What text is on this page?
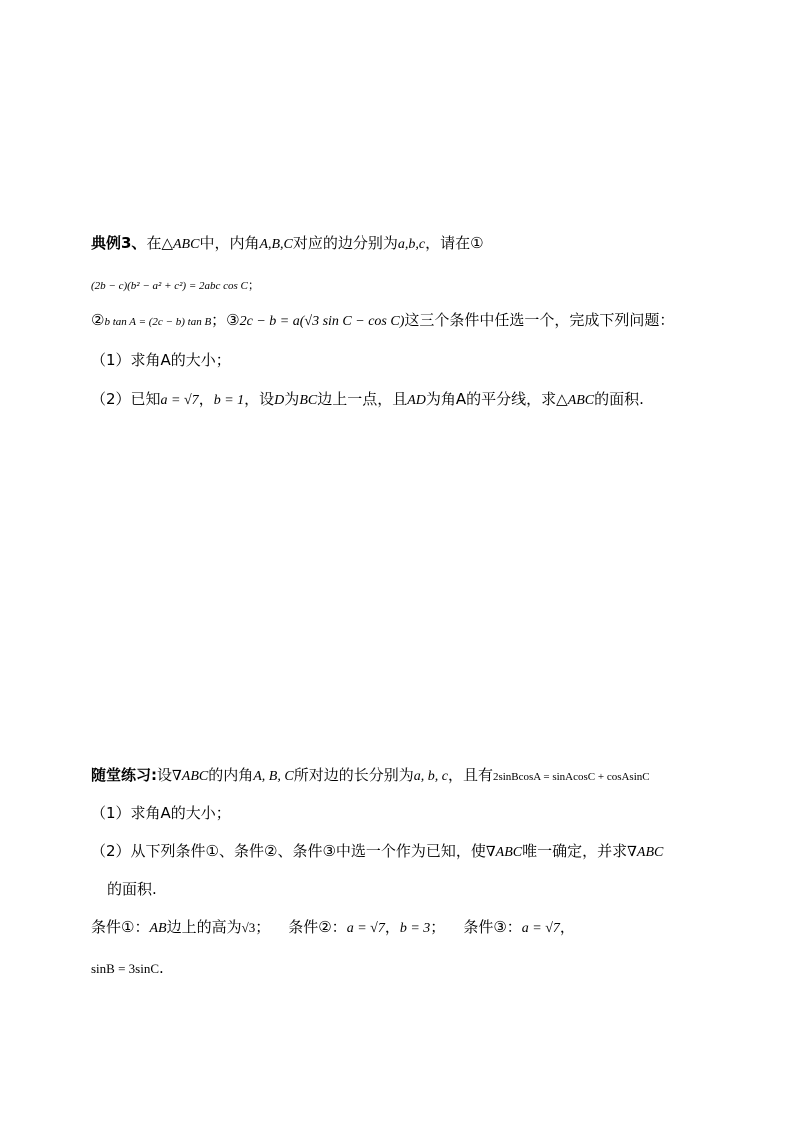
典例3、在△ABC中，内角A,B,C对应的边分别为a,b,c，请在①
(2b − c)(b² − a² + c²) = 2abc cos C；
②b tan A = (2c − b) tan B；③2c − b = a(√3 sin C − cos C)这三个条件中任选一个，完成下列问题：
（1）求角A的大小；
（2）已知a = √7，b = 1，设D为BC边上一点，且AD为角A的平分线，求△ABC的面积.
随堂练习:设∇ABC的内角A, B, C所对边的长分别为a, b, c，且有2sinBcosA = sinAcosC + cosAsinC
（1）求角A的大小；
（2）从下列条件①、条件②、条件③中选一个作为已知，使∇ABC唯一确定，并求∇ABC
的面积.
条件①：AB边上的高为√3； 条件②：a = √7，b = 3； 条件③：a = √7，
sinB = 3sinC.
